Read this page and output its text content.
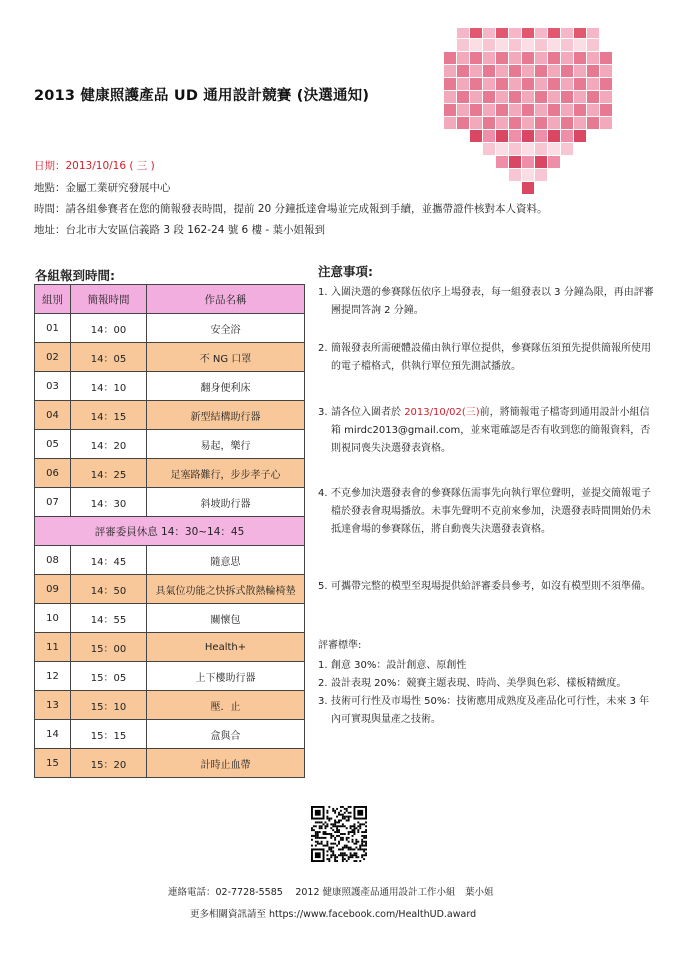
2013 健康照護產品 UD 通用設計競賽 (決選通知)
日期：2013/10/16 ( 三 )
地點：金屬工業研究發展中心
時間：請各組參賽者在您的簡報發表時間，提前 20 分鐘抵達會場並完成報到手續，並攜帶證件核對本人資料。
地址：台北市大安區信義路 3 段 162-24 號 6 樓 - 葉小姐報到
各組報到時間:
組別	簡報時間	作品名稱
01	14：00	安全浴
02	14：05	不 NG 口罩
03	14：10	翻身便利床
04	14：15	新型結構助行器
05	14：20	易起，樂行
06	14：25	足塞路難行，步步孝子心
07	14：30	斜坡助行器
評審委員休息 14：30~14：45		
08	14：45	隨意思
09	14：50	具氣位功能之快拆式散熱輪椅墊
10	14：55	關懷包
11	15：00	Health+
12	15：05	上下樓助行器
13	15：10	壓．止
14	15：15	盒與合
15	15：20	計時止血帶
注意事項:

1. 入圍決選的參賽隊伍依序上場發表，每一組發表以 3 分鐘為限，再由評審團提問答詢 2 分鐘。

2. 簡報發表所需硬體設備由執行單位提供，參賽隊伍須預先提供簡報所使用的電子檔格式，供執行單位預先測試播放。

3. 請各位入圍者於 2013/10/02(三)前，將簡報電子檔寄到通用設計小組信箱 mirdc2013@gmail.com，並來電確認是否有收到您的簡報資料，否則視同喪失決選發表資格。

4. 不克參加決選發表會的參賽隊伍需事先向執行單位聲明，並提交簡報電子檔於發表會現場播放。未事先聲明不克前來參加，決選發表時間開始仍未抵達會場的參賽隊伍，將自動喪失決選發表資格。

5. 可攜帶完整的模型至現場提供給評審委員參考，如沒有模型則不須準備。

評審標準:

1. 創意 30%：設計創意、原創性

2. 設計表現 20%：競賽主題表現、時尚、美學與色彩、樣板精緻度。

3. 技術可行性及市場性 50%：技術應用成熟度及產品化可行性，未來 3 年內可實現與量產之技術。

連絡電話：02-7728-5585　 2012 健康照護產品通用設計工作小組　葉小姐
更多相關資訊請至 https://www.facebook.com/HealthUD.award
